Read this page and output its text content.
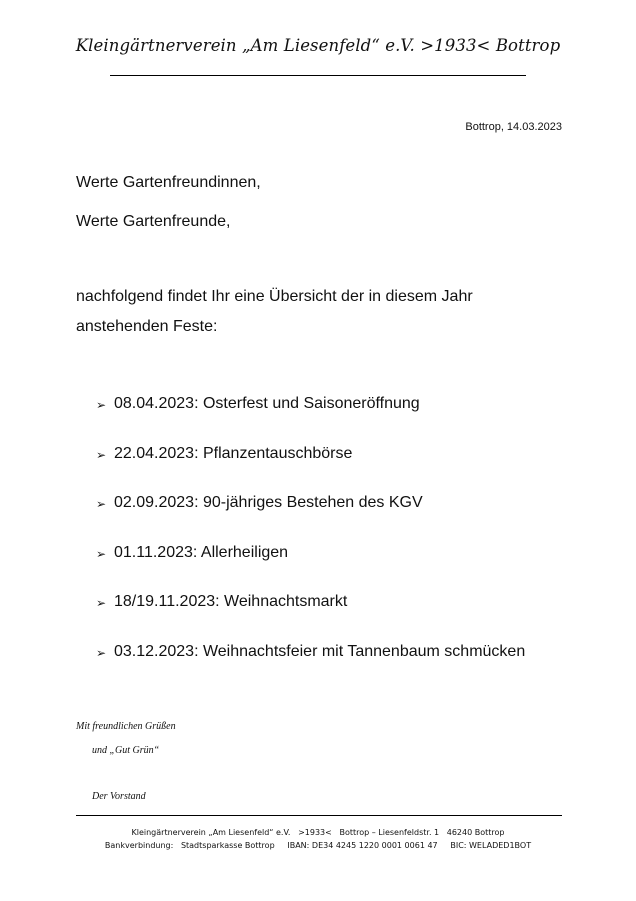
Kleingärtnerverein „Am Liesenfeld“ e.V. >1933< Bottrop
Bottrop, 14.03.2023
Werte Gartenfreundinnen,
Werte Gartenfreunde,
nachfolgend findet Ihr eine Übersicht der in diesem Jahr
anstehenden Feste:
➢ 08.04.2023: Osterfest und Saisoneröffnung
➢ 22.04.2023: Pflanzentauschbörse
➢ 02.09.2023: 90-jähriges Bestehen des KGV
➢ 01.11.2023: Allerheiligen
➢ 18/19.11.2023: Weihnachtsmarkt
➢ 03.12.2023: Weihnachtsfeier mit Tannenbaum schmücken
Mit freundlichen Grüßen
und „Gut Grün“
Der Vorstand
Kleingärtnerverein „Am Liesenfeld“ e.V.   >1933<   Bottrop – Liesenfeldstr. 1   46240 Bottrop
Bankverbindung:   Stadtsparkasse Bottrop     IBAN: DE34 4245 1220 0001 0061 47     BIC: WELADED1BOT
